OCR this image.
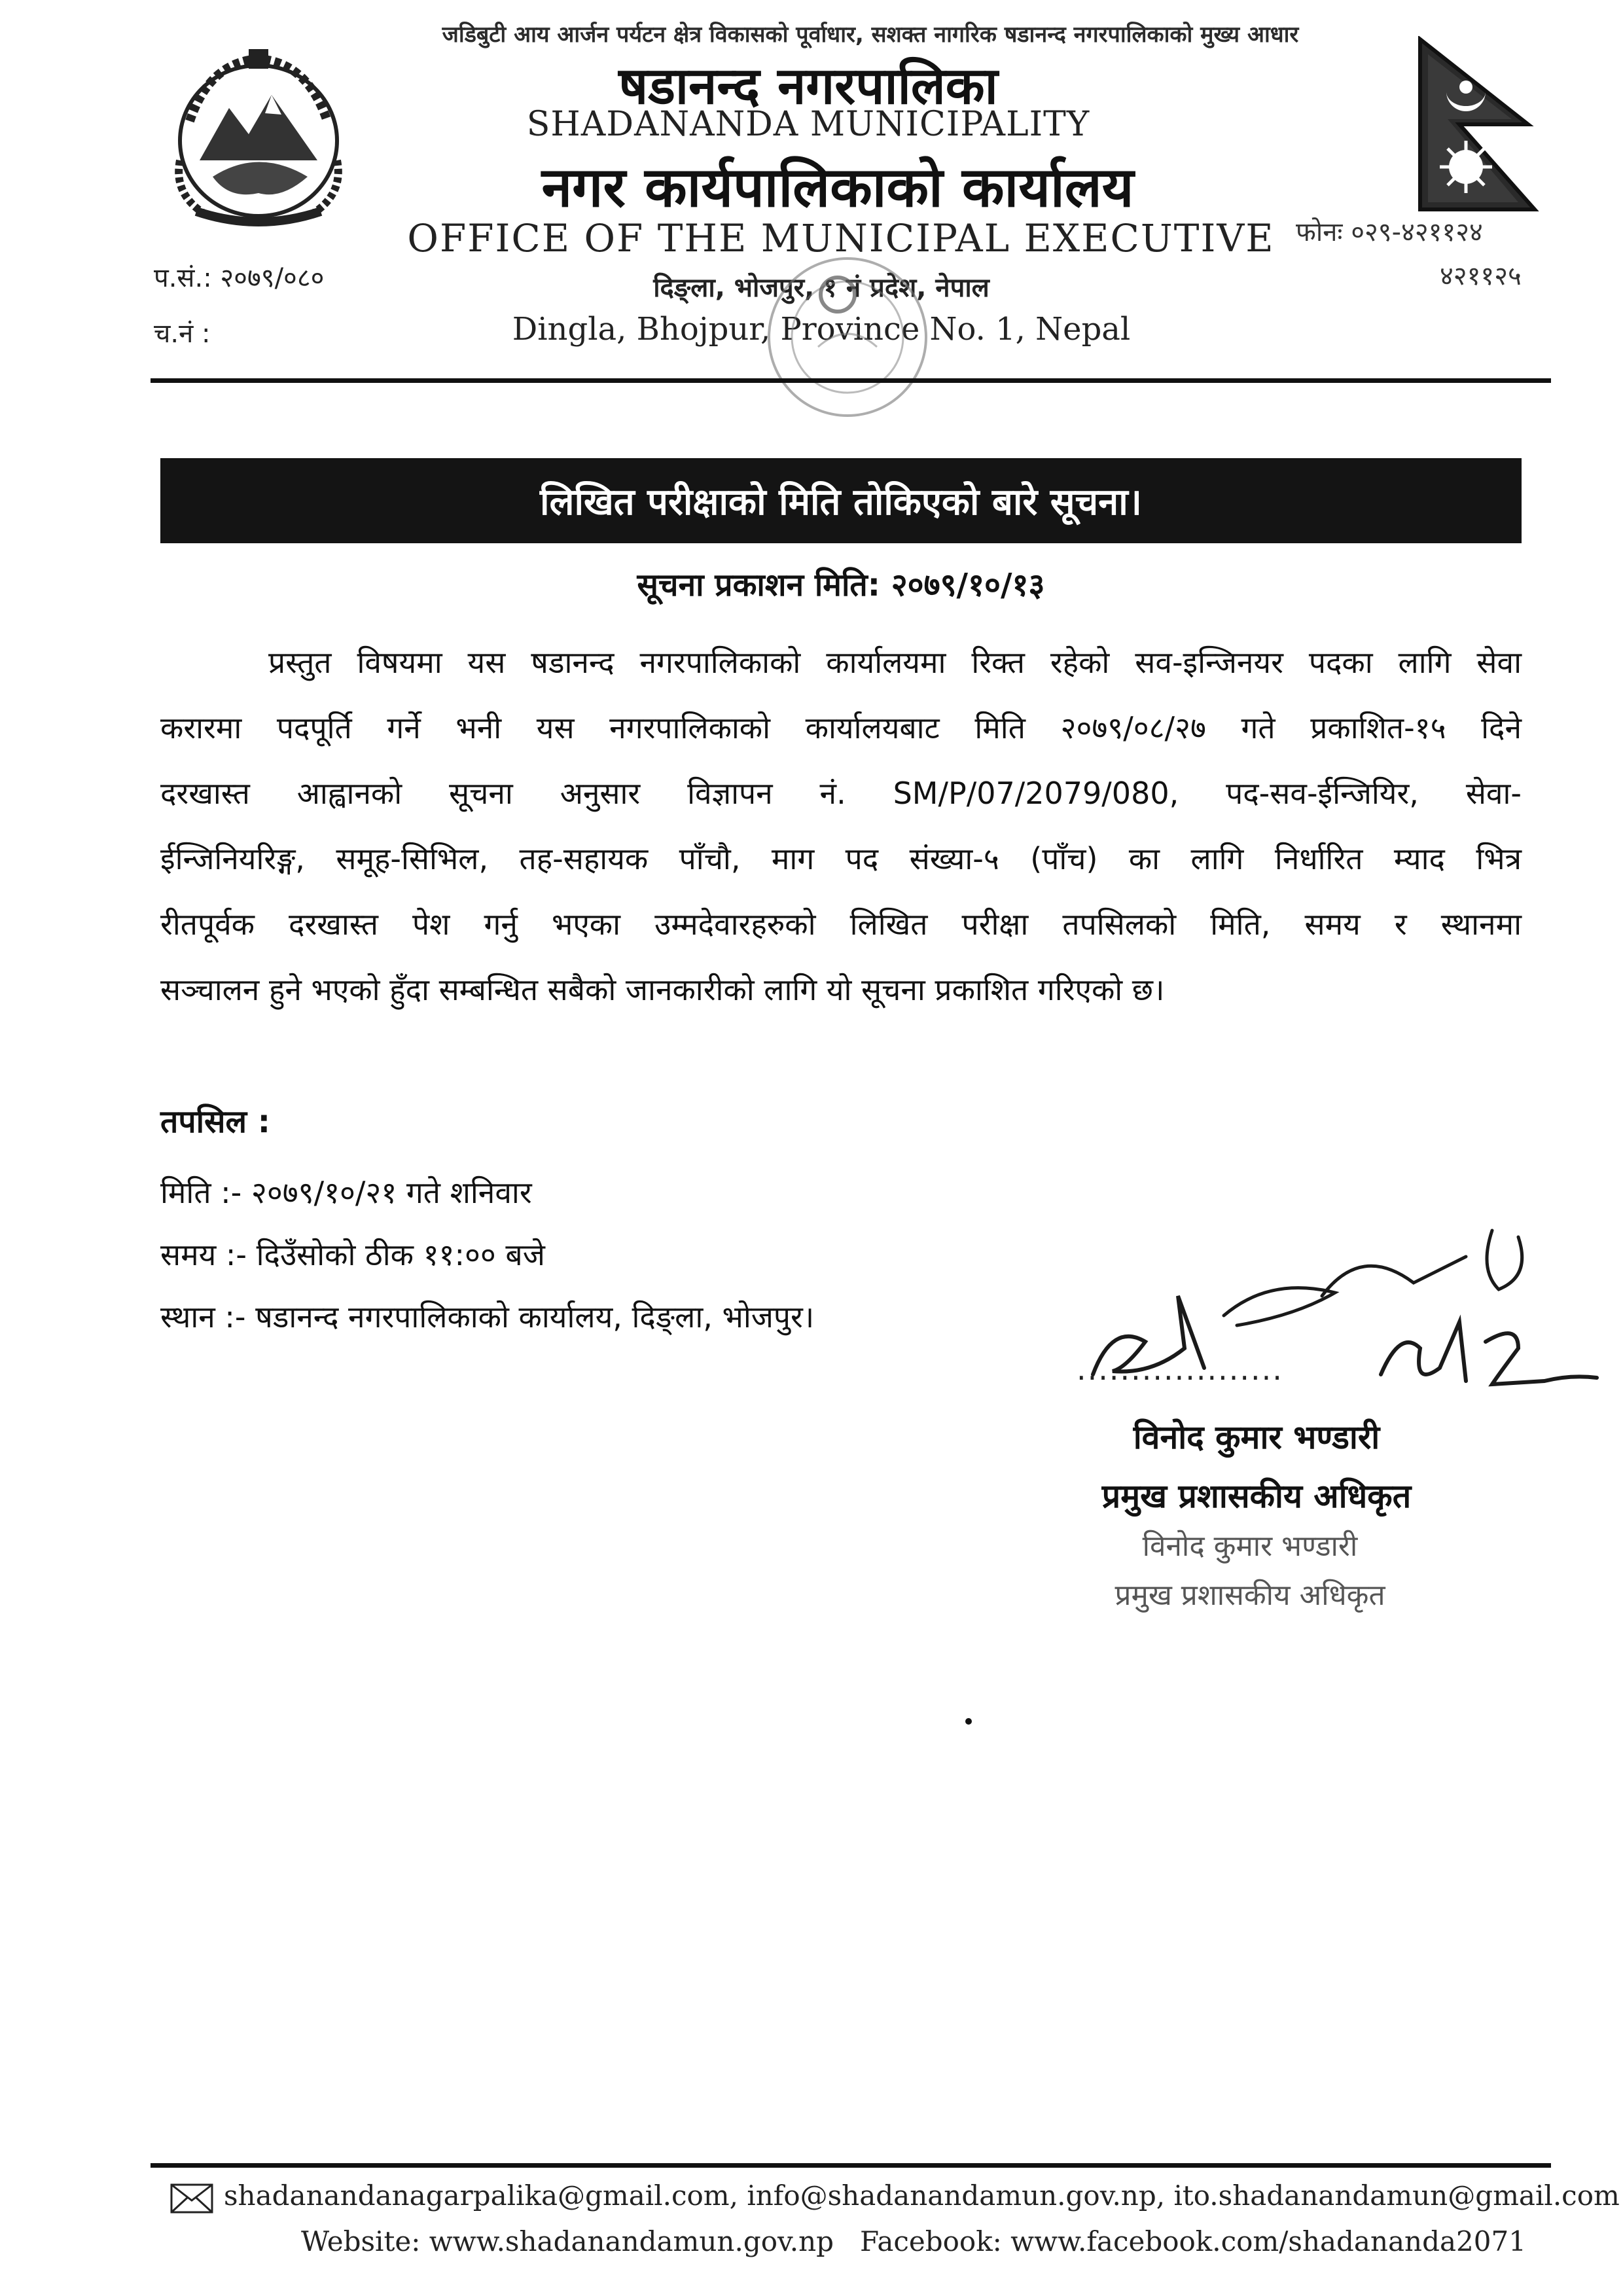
जडिबुटी आय आर्जन पर्यटन क्षेत्र विकासको पूर्वाधार, सशक्त नागरिक षडानन्द नगरपालिकाको मुख्य आधार
षडानन्द नगरपालिका
SHADANANDA MUNICIPALITY
नगर कार्यपालिकाको कार्यालय
OFFICE OF THE MUNICIPAL EXECUTIVE
दिङ्ला, भोजपुर, १ नं प्रदेश, नेपाल
Dingla, Bhojpur, Province No. 1, Nepal
फोनः ०२९-४२११२४
४२११२५
प.सं.: २०७९/०८०
च.नं :
लिखित परीक्षाको मिति तोकिएको बारे सूचना।
सूचना प्रकाशन मिति: २०७९/१०/१३
प्रस्तुत विषयमा यस षडानन्द नगरपालिकाको कार्यालयमा रिक्त रहेको सव-इन्जिनयर पदका लागि सेवा
करारमा पदपूर्ति गर्ने भनी यस नगरपालिकाको कार्यालयबाट मिति २०७९/०८/२७ गते प्रकाशित-१५ दिने
दरखास्त आह्वानको सूचना अनुसार विज्ञापन नं. SM/P/07/2079/080, पद-सव-ईन्जियिर, सेवा-
ईन्जिनियरिङ्ग, समूह-सिभिल, तह-सहायक पाँचौ, माग पद संख्या-५ (पाँच) का लागि निर्धारित म्याद भित्र
रीतपूर्वक दरखास्त पेश गर्नु भएका उम्मदेवारहरुको लिखित परीक्षा तपसिलको मिति, समय र स्थानमा
सञ्चालन हुने भएको हुँदा सम्बन्धित सबैको जानकारीको लागि यो सूचना प्रकाशित गरिएको छ।
तपसिल :
मिति :- २०७९/१०/२१ गते शनिवार
समय :- दिउँसोको ठीक ११:०० बजे
स्थान :- षडानन्द नगरपालिकाको कार्यालय, दिङ्ला, भोजपुर।
...................
विनोद कुमार भण्डारी
प्रमुख प्रशासकीय अधिकृत
विनोद कुमार भण्डारी
प्रमुख प्रशासकीय अधिकृत
shadanandanagarpalika@gmail.com, info@shadanandamun.gov.np, ito.shadanandamun@gmail.com
Website: www.shadanandamun.gov.np Facebook: www.facebook.com/shadananda2071
